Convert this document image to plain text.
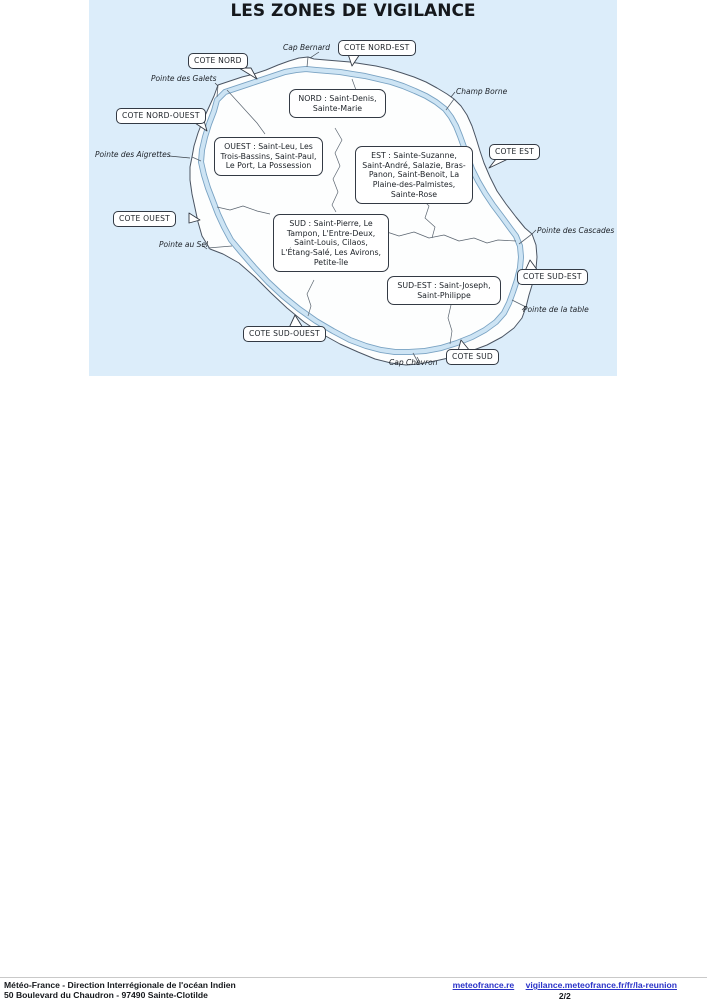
LES ZONES DE VIGILANCE
COTE NORD
COTE NORD-EST
COTE NORD-OUEST
COTE EST
COTE OUEST
COTE SUD-EST
COTE SUD-OUEST
COTE SUD
NORD : Saint-Denis, Sainte-Marie
OUEST : Saint-Leu, Les Trois-Bassins, Saint-Paul, Le Port, La Possession
EST : Sainte-Suzanne, Saint-André, Salazie, Bras-Panon, Saint-Benoit, La Plaine-des-Palmistes, Sainte-Rose
SUD : Saint-Pierre, Le Tampon, L'Entre-Deux, Saint-Louis, Cilaos, L'Étang-Salé, Les Avirons, Petite-île
SUD-EST : Saint-Joseph, Saint-Philippe
Cap Bernard
Pointe des Galets
Champ Borne
Pointe des Aigrettes
Pointe des Cascades
Pointe au Sel
Pointe de la table
Cap Chevron
Météo-France - Direction Interrégionale de l'océan Indien
50 Boulevard du Chaudron - 97490 Sainte-Clotilde
meteofrance.re vigilance.meteofrance.fr/fr/la-reunion
2/2
